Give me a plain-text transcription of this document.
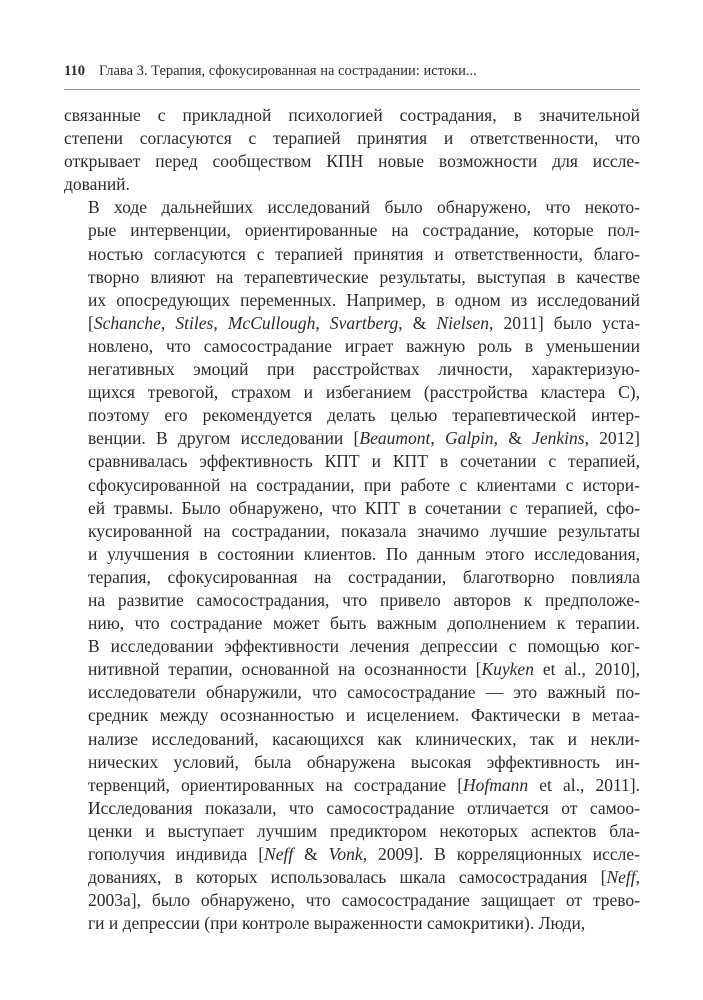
110 Глава 3. Терапия, сфокусированная на сострадании: истоки...

связанные с прикладной психологией сострадания, в значительной
степени согласуются с терапией принятия и ответственности, что
открывает перед сообществом КПН новые возможности для иссле-
дований.

В ходе дальнейших исследований было обнаружено, что некото-
рые интервенции, ориентированные на сострадание, которые пол-
ностью согласуются с терапией принятия и ответственности, благо-
творно влияют на терапевтические результаты, выступая в качестве
их опосредующих переменных. Например, в одном из исследований
[Schanche, Stiles, McCullough, Svartberg, & Nielsen, 2011] было уста-
новлено, что самосострадание играет важную роль в уменьшении
негативных эмоций при расстройствах личности, характеризую-
щихся тревогой, страхом и избеганием (расстройства кластера С),
поэтому его рекомендуется делать целью терапевтической интер-
венции. В другом исследовании [Beaumont, Galpin, & Jenkins, 2012]
сравнивалась эффективность КПТ и КПТ в сочетании с терапией,
сфокусированной на сострадании, при работе с клиентами с истори-
ей травмы. Было обнаружено, что КПТ в сочетании с терапией, сфо-
кусированной на сострадании, показала значимо лучшие результаты
и улучшения в состоянии клиентов. По данным этого исследования,
терапия, сфокусированная на сострадании, благотворно повлияла
на развитие самосострадания, что привело авторов к предположе-
нию, что сострадание может быть важным дополнением к терапии.
В исследовании эффективности лечения депрессии с помощью ког-
нитивной терапии, основанной на осознанности [Kuyken et al., 2010],
исследователи обнаружили, что самосострадание — это важный по-
средник между осознанностью и исцелением. Фактически в метаа-
нализе исследований, касающихся как клинических, так и некли-
нических условий, была обнаружена высокая эффективность ин-
тервенций, ориентированных на сострадание [Hofmann et al., 2011].
Исследования показали, что самосострадание отличается от самоо-
ценки и выступает лучшим предиктором некоторых аспектов бла-
гополучия индивида [Neff & Vonk, 2009]. В корреляционных иссле-
дованиях, в которых использовалась шкала самосострадания [Neff,
2003а], было обнаружено, что самосострадание защищает от трево-
ги и депрессии (при контроле выраженности самокритики). Люди,
